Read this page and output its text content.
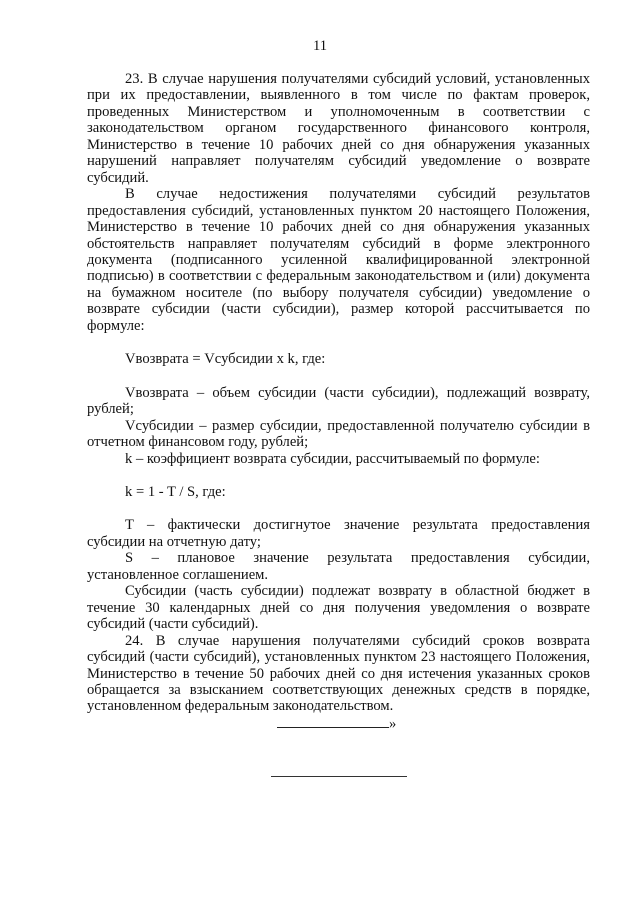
11

23. В случае нарушения получателями субсидий условий, установленных при их предоставлении, выявленного в том числе по фактам проверок, проведенных Министерством и уполномоченным в соответствии с законодательством органом государственного финансового контроля, Министерство в течение 10 рабочих дней со дня обнаружения указанных нарушений направляет получателям субсидий уведомление о возврате субсидий.

В случае недостижения получателями субсидий результатов предоставления субсидий, установленных пунктом 20 настоящего Положения, Министерство в течение 10 рабочих дней со дня обнаружения указанных обстоятельств направляет получателям субсидий в форме электронного документа (подписанного усиленной квалифицированной электронной подписью) в соответствии с федеральным законодательством и (или) документа на бумажном носителе (по выбору получателя субсидии) уведомление о возврате субсидии (части субсидии), размер которой рассчитывается по формуле:

Vвозврата = Vсубсидии x k, где:

Vвозврата – объем субсидии (части субсидии), подлежащий возврату, рублей;

Vсубсидии – размер субсидии, предоставленной получателю субсидии в отчетном финансовом году, рублей;

k – коэффициент возврата субсидии, рассчитываемый по формуле:

k = 1 - T / S, где:

T – фактически достигнутое значение результата предоставления субсидии на отчетную дату;

S – плановое значение результата предоставления субсидии, установленное соглашением.

Субсидии (часть субсидии) подлежат возврату в областной бюджет в течение 30 календарных дней со дня получения уведомления о возврате субсидий (части субсидий).

24. В случае нарушения получателями субсидий сроков возврата субсидий (части субсидий), установленных пунктом 23 настоящего Положения, Министерство в течение 50 рабочих дней со дня истечения указанных сроков обращается за взысканием соответствующих денежных средств в порядке, установленном федеральным законодательством.

»
